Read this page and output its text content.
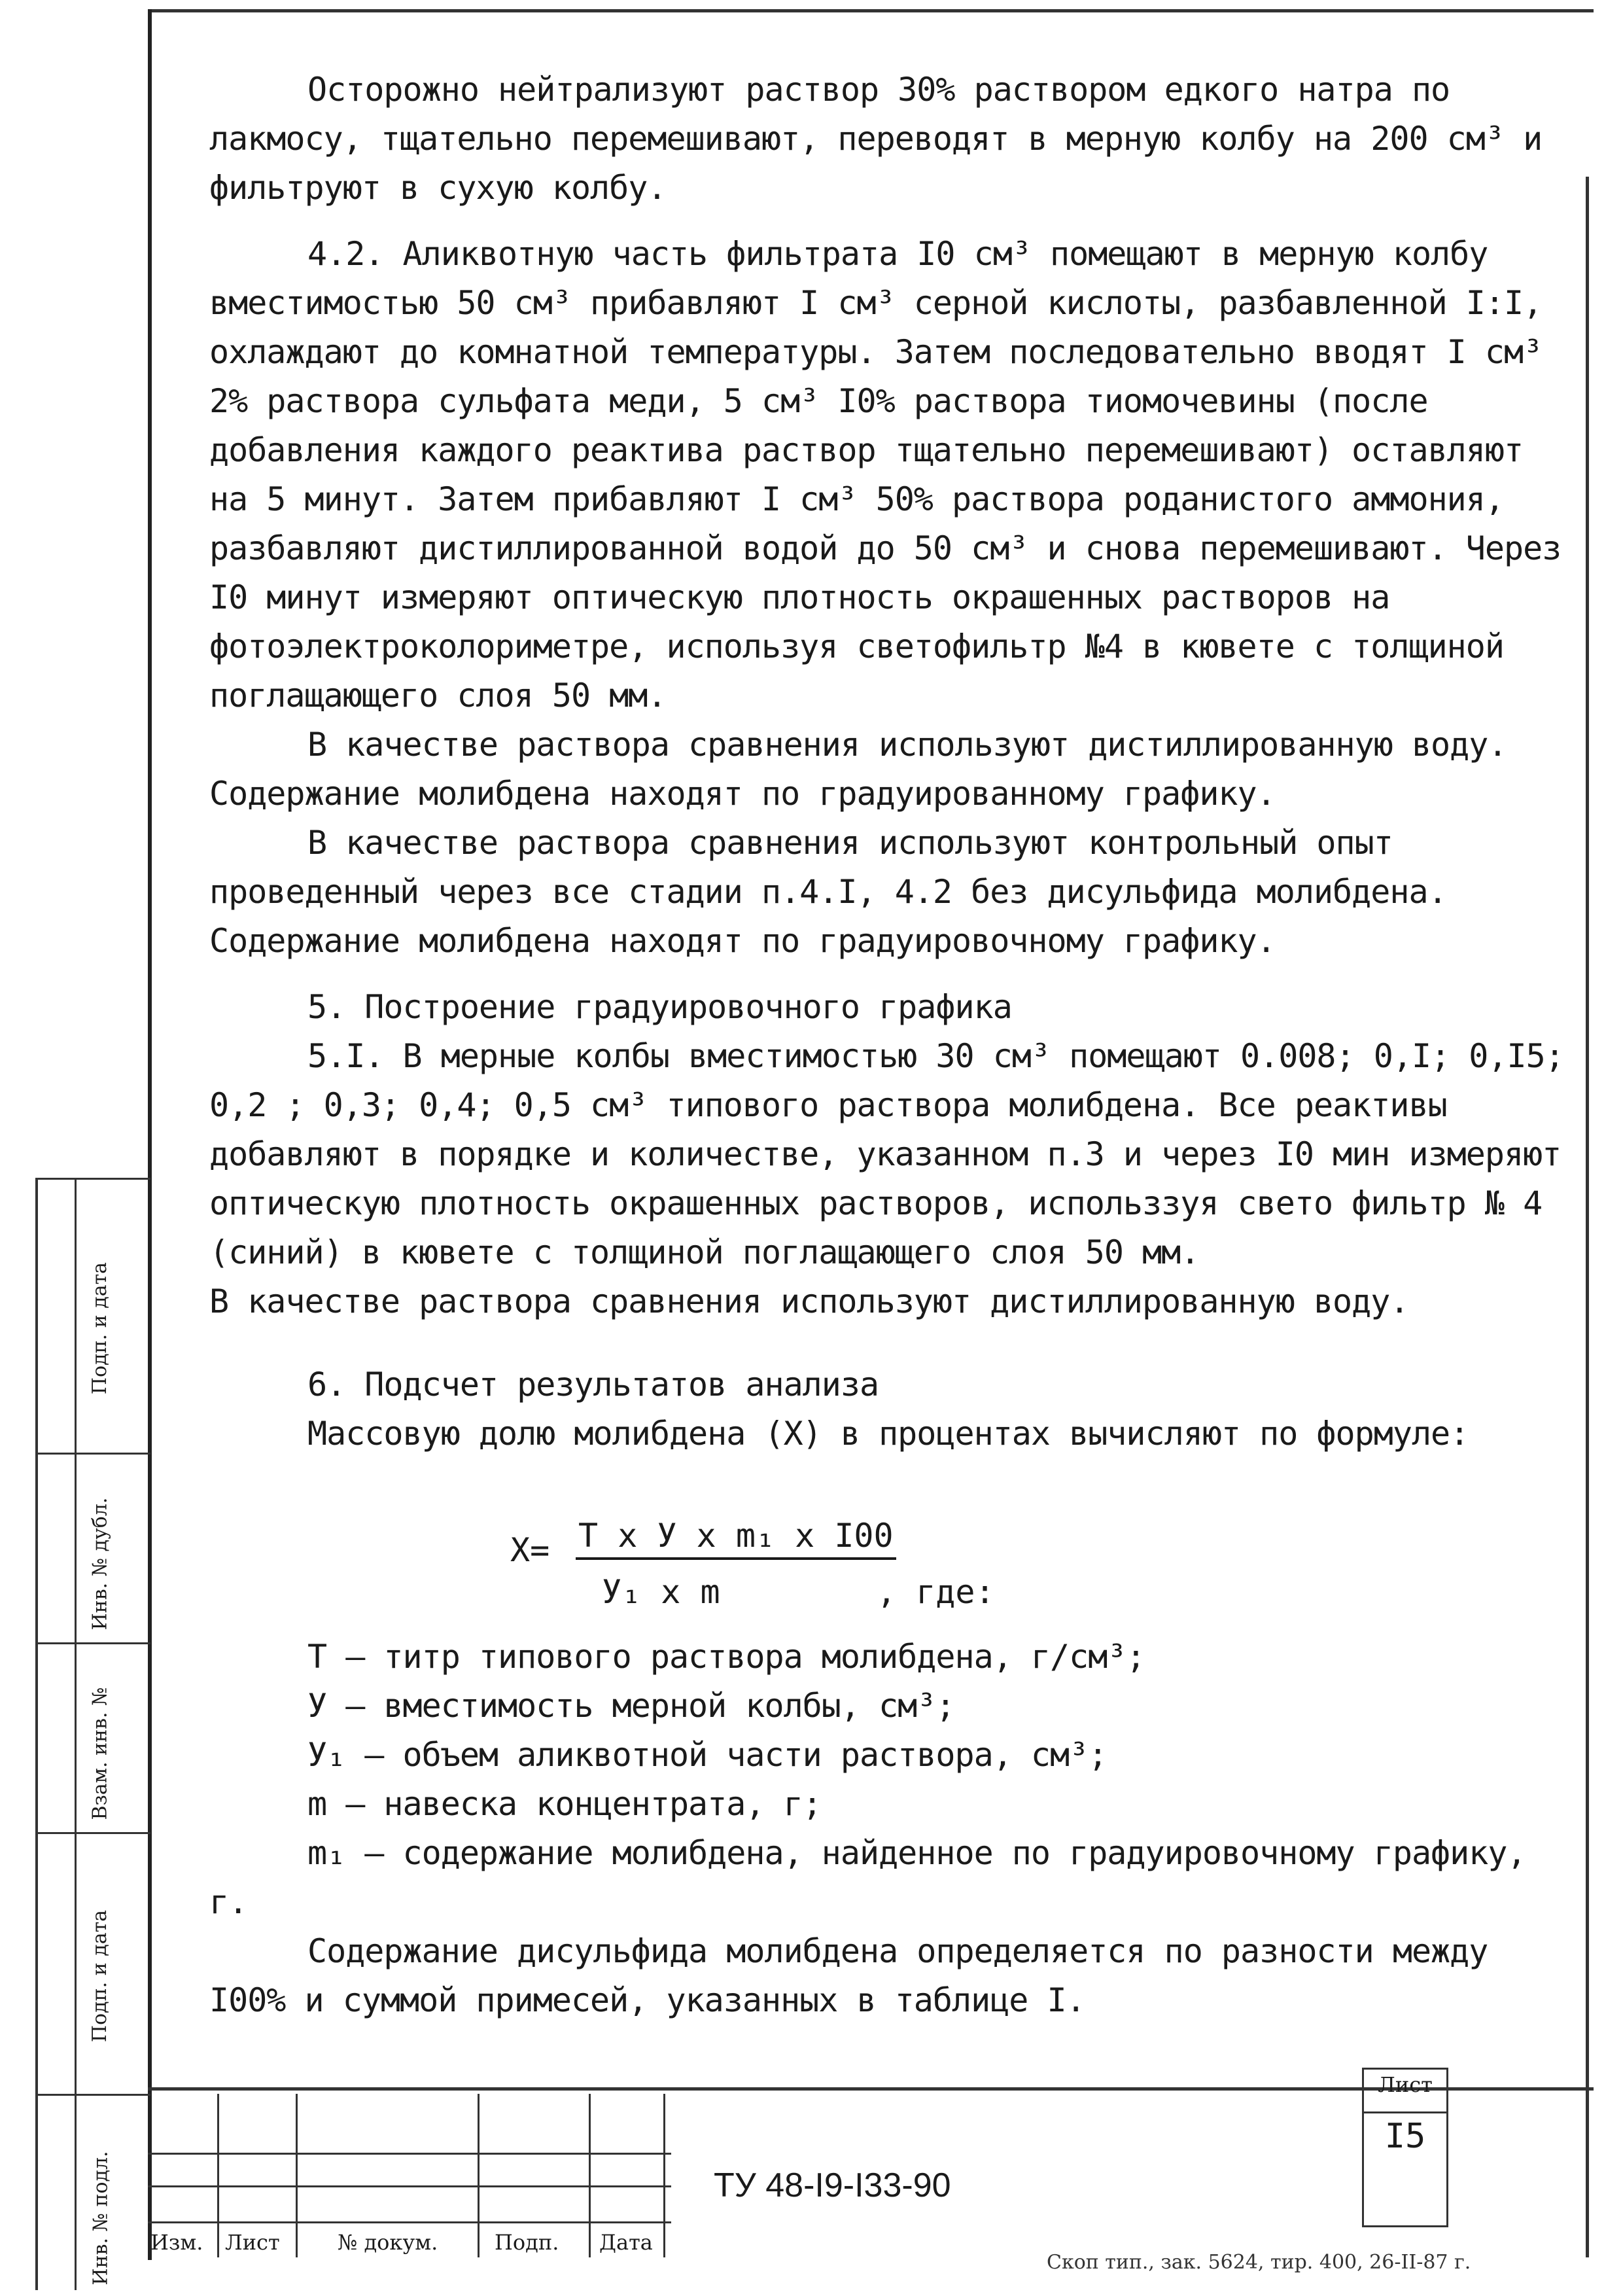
Осторожно нейтрализуют раствор 30% раствором едкого натра по лакмосу, тщательно перемешивают, переводят в мерную колбу на 200 см³ и фильтруют в сухую колбу.

4.2. Аликвотную часть фильтрата I0 см³ помещают в мерную колбу вместимостью 50 см³ прибавляют I см³ серной кислоты, разбавленной I:I, охлаждают до комнатной температуры. Затем последовательно вводят I см³ 2% раствора сульфата меди, 5 см³ I0% раствора тиомочевины (после добавления каждого реактива раствор тщательно перемешивают) оставляют на 5 минут. Затем прибавляют I см³ 50% раствора роданистого аммония, разбавляют дистиллированной водой до 50 см³ и снова перемешивают. Через I0 минут измеряют оптическую плотность окрашенных растворов на фотоэлектроколориметре, используя светофильтр №4 в кювете с толщиной поглащающего слоя 50 мм.

В качестве раствора сравнения используют дистиллированную воду. Содержание молибдена находят по градуированному графику.

В качестве раствора сравнения используют контрольный опыт проведенный через все стадии п.4.I, 4.2 без дисульфида молибдена. Содержание молибдена находят по градуировочному графику.

5. Построение градуировочного графика

5.I. В мерные колбы вместимостью 30 см³ помещают 0.008; 0,I; 0,I5; 0,2 ; 0,3; 0,4; 0,5 см³ типового раствора молибдена. Все реактивы добавляют в порядке и количестве, указанном п.3 и через I0 мин измеряют оптическую плотность окрашенных растворов, использзуя свето фильтр № 4 (синий) в кювете с толщиной поглащающего слоя 50 мм.

В качестве раствора сравнения используют дистиллированную воду.

6. Подсчет результатов анализа

Массовую долю молибдена (X) в процентах вычисляют по формуле:

X= Т x У x m₁ x I00
У₁ x m	, где:

Т – титр типового раствора молибдена, г/см³;

У – вместимость мерной колбы, см³;

У₁ – объем аликвотной части раствора, см³;

m – навеска концентрата, г;

m₁ – содержание молибдена, найденное по градуировочному графику, г.

Содержание дисульфида молибдена определяется по разности между I00% и суммой примесей, указанных в таблице I.

Подп. и дата
Инв. № дубл.
Взам. инв. №
Подп. и дата
Инв. № подл. Изм. Лист	№ докум.	Подп. Дата
ТУ 48-I9-I33-90
Лист
I5
Скоп тип., зак. 5624, тир. 400, 26-II-87 г.
